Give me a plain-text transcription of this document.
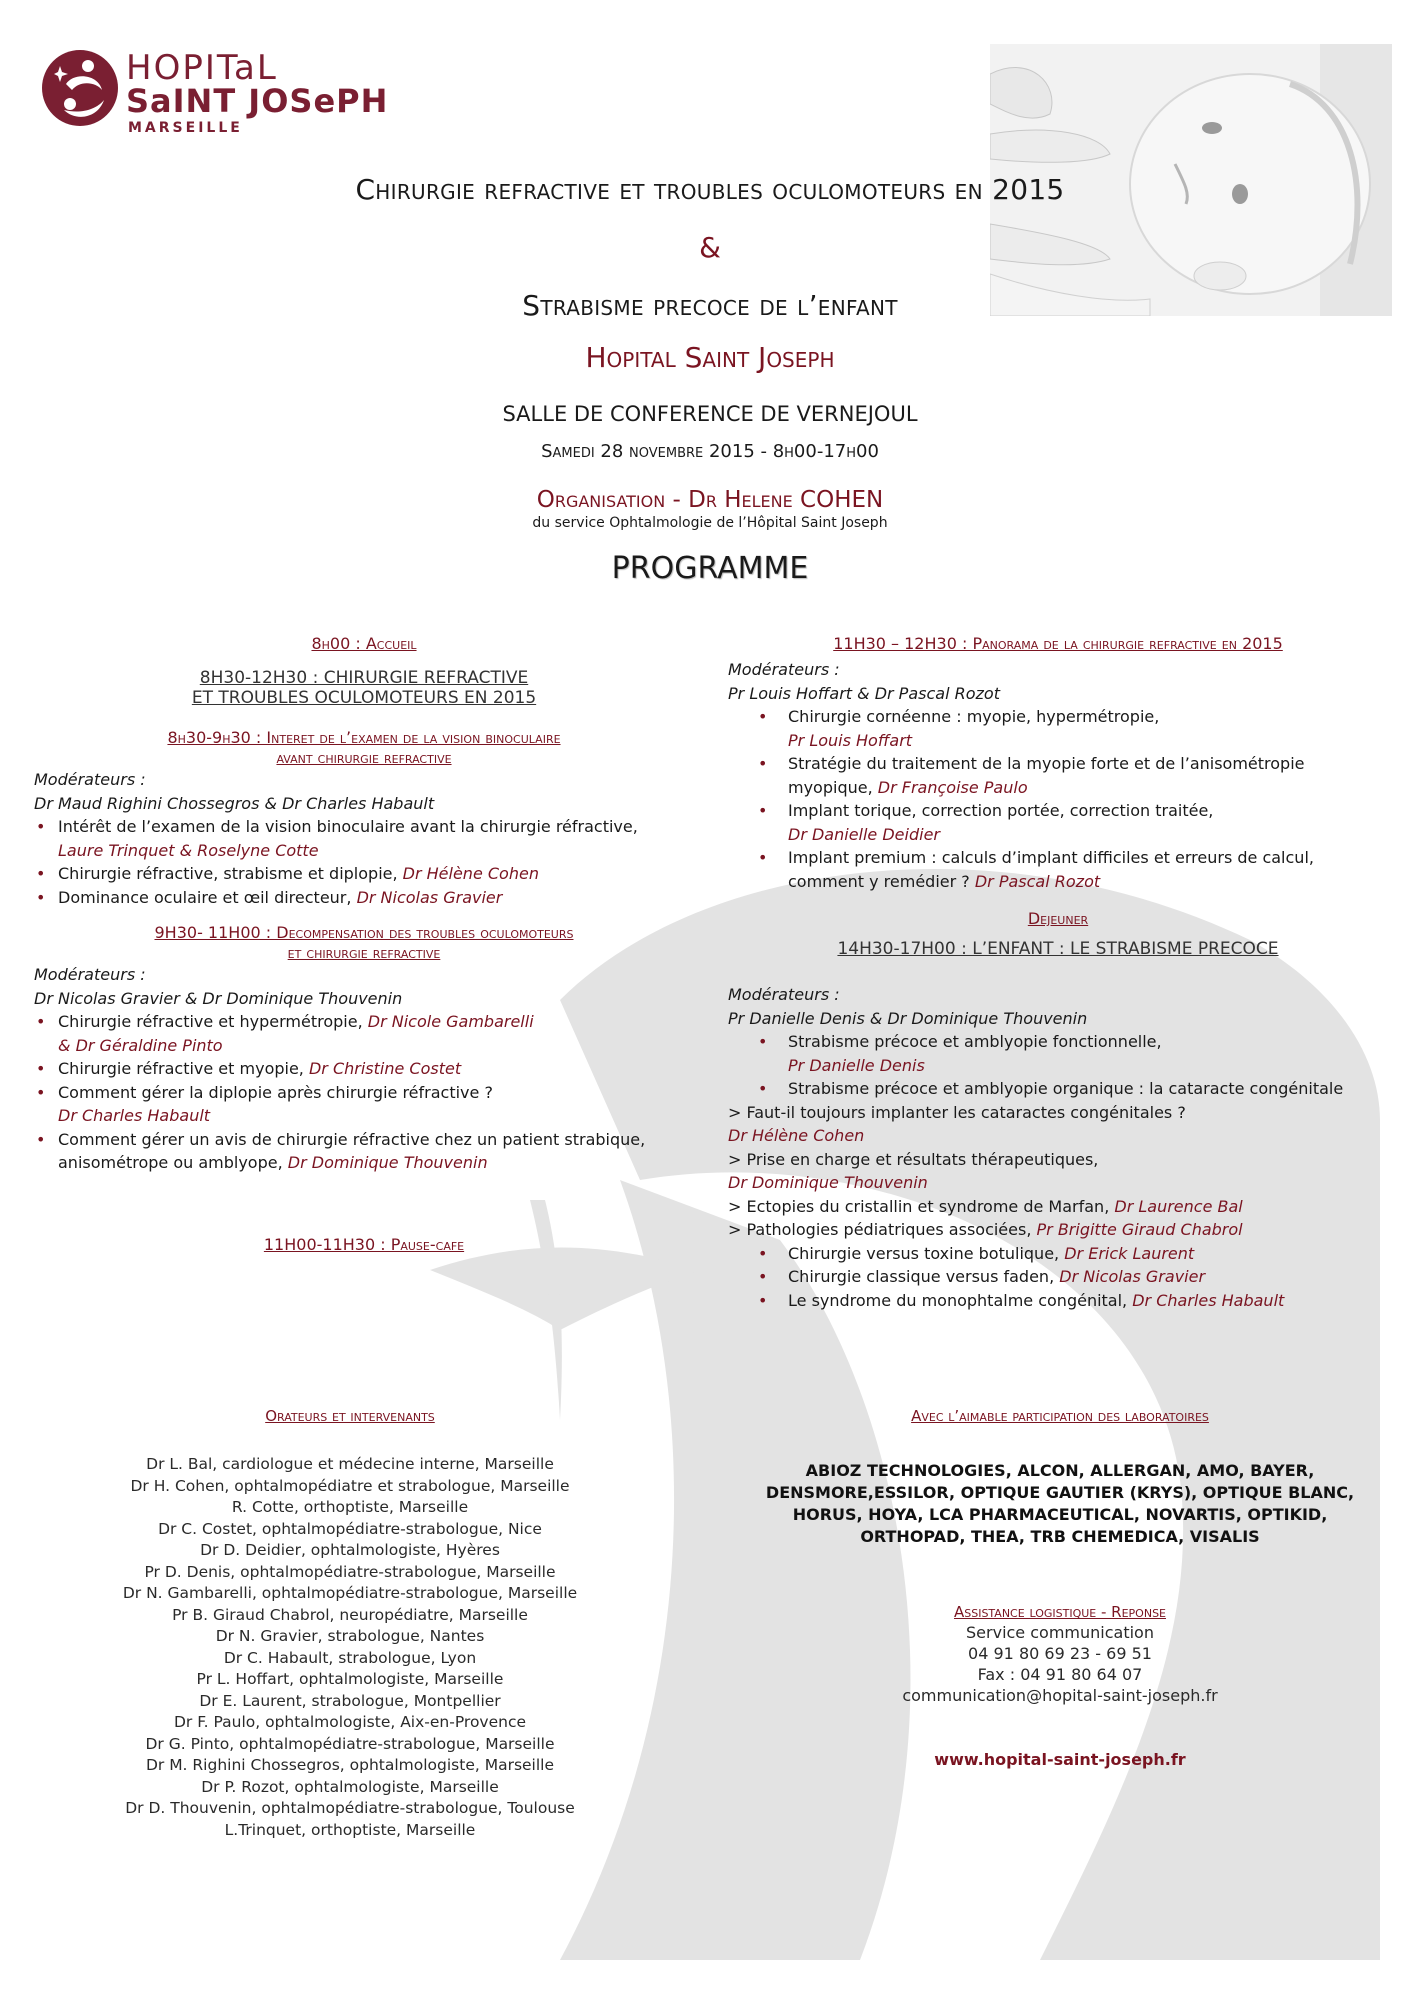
HOPITaL
SaINT JOSePH
MARSEILLE
Chirurgie refractive et troubles oculomoteurs en 2015
&
Strabisme precoce de l’enfant
Hopital Saint Joseph
SALLE DE CONFERENCE DE VERNEJOUL
Samedi 28 novembre 2015 - 8h00-17h00
Organisation - Dr Helene COHEN
du service Ophtalmologie de l’Hôpital Saint Joseph
PROGRAMME
8h00 : Accueil
8H30-12H30 : CHIRURGIE REFRACTIVE
ET TROUBLES OCULOMOTEURS EN 2015
8h30-9h30 : Interet de l’examen de la vision binoculaire
avant chirurgie refractive
Modérateurs :
Dr Maud Righini Chossegros & Dr Charles Habault
• Intérêt de l’examen de la vision binoculaire avant la chirurgie réfractive,
Laure Trinquet & Roselyne Cotte
• Chirurgie réfractive, strabisme et diplopie, Dr Hélène Cohen
• Dominance oculaire et œil directeur, Dr Nicolas Gravier
9H30- 11H00 : Decompensation des troubles oculomoteurs
et chirurgie refractive
Modérateurs :
Dr Nicolas Gravier & Dr Dominique Thouvenin
• Chirurgie réfractive et hypermétropie, Dr Nicole Gambarelli & Dr Géraldine Pinto
• Chirurgie réfractive et myopie, Dr Christine Costet
• Comment gérer la diplopie après chirurgie réfractive ?
Dr Charles Habault
• Comment gérer un avis de chirurgie réfractive chez un patient strabique, anisométrope ou amblyope, Dr Dominique Thouvenin
11H00-11H30 : Pause-cafe
11H30 – 12H30 : Panorama de la chirurgie refractive en 2015
Modérateurs :
Pr Louis Hoffart & Dr Pascal Rozot
• Chirurgie cornéenne : myopie, hypermétropie,
Pr Louis Hoffart
• Stratégie du traitement de la myopie forte et de l’anisométropie myopique, Dr Françoise Paulo
• Implant torique, correction portée, correction traitée,
Dr Danielle Deidier
• Implant premium : calculs d’implant difficiles et erreurs de calcul, comment y remédier ? Dr Pascal Rozot
Dejeuner
14H30-17H00 : L’ENFANT : LE STRABISME PRECOCE
Modérateurs :
Pr Danielle Denis & Dr Dominique Thouvenin
• Strabisme précoce et amblyopie fonctionnelle,
Pr Danielle Denis
• Strabisme précoce et amblyopie organique : la cataracte congénitale
> Faut-il toujours implanter les cataractes congénitales ?
Dr Hélène Cohen
> Prise en charge et résultats thérapeutiques,
Dr Dominique Thouvenin
> Ectopies du cristallin et syndrome de Marfan, Dr Laurence Bal
> Pathologies pédiatriques associées, Pr Brigitte Giraud Chabrol
• Chirurgie versus toxine botulique, Dr Erick Laurent
• Chirurgie classique versus faden, Dr Nicolas Gravier
• Le syndrome du monophtalme congénital, Dr Charles Habault
Orateurs et intervenants
Dr L. Bal, cardiologue et médecine interne, Marseille
Dr H. Cohen, ophtalmopédiatre et strabologue, Marseille
R. Cotte, orthoptiste, Marseille
Dr C. Costet, ophtalmopédiatre-strabologue, Nice
Dr D. Deidier, ophtalmologiste, Hyères
Pr D. Denis, ophtalmopédiatre-strabologue, Marseille
Dr N. Gambarelli, ophtalmopédiatre-strabologue, Marseille
Pr B. Giraud Chabrol, neuropédiatre, Marseille
Dr N. Gravier, strabologue, Nantes
Dr C. Habault, strabologue, Lyon
Pr L. Hoffart, ophtalmologiste, Marseille
Dr E. Laurent, strabologue, Montpellier
Dr F. Paulo, ophtalmologiste, Aix-en-Provence
Dr G. Pinto, ophtalmopédiatre-strabologue, Marseille
Dr M. Righini Chossegros, ophtalmologiste, Marseille
Dr P. Rozot, ophtalmologiste, Marseille
Dr D. Thouvenin, ophtalmopédiatre-strabologue, Toulouse
L.Trinquet, orthoptiste, Marseille
Avec l’aimable participation des laboratoires
ABIOZ TECHNOLOGIES, ALCON, ALLERGAN, AMO, BAYER,
DENSMORE,ESSILOR, OPTIQUE GAUTIER (KRYS), OPTIQUE BLANC,
HORUS, HOYA, LCA PHARMACEUTICAL, NOVARTIS, OPTIKID,
ORTHOPAD, THEA, TRB CHEMEDICA, VISALIS
Assistance logistique - Reponse
Service communication
04 91 80 69 23 - 69 51
Fax : 04 91 80 64 07
communication@hopital-saint-joseph.fr
www.hopital-saint-joseph.fr
